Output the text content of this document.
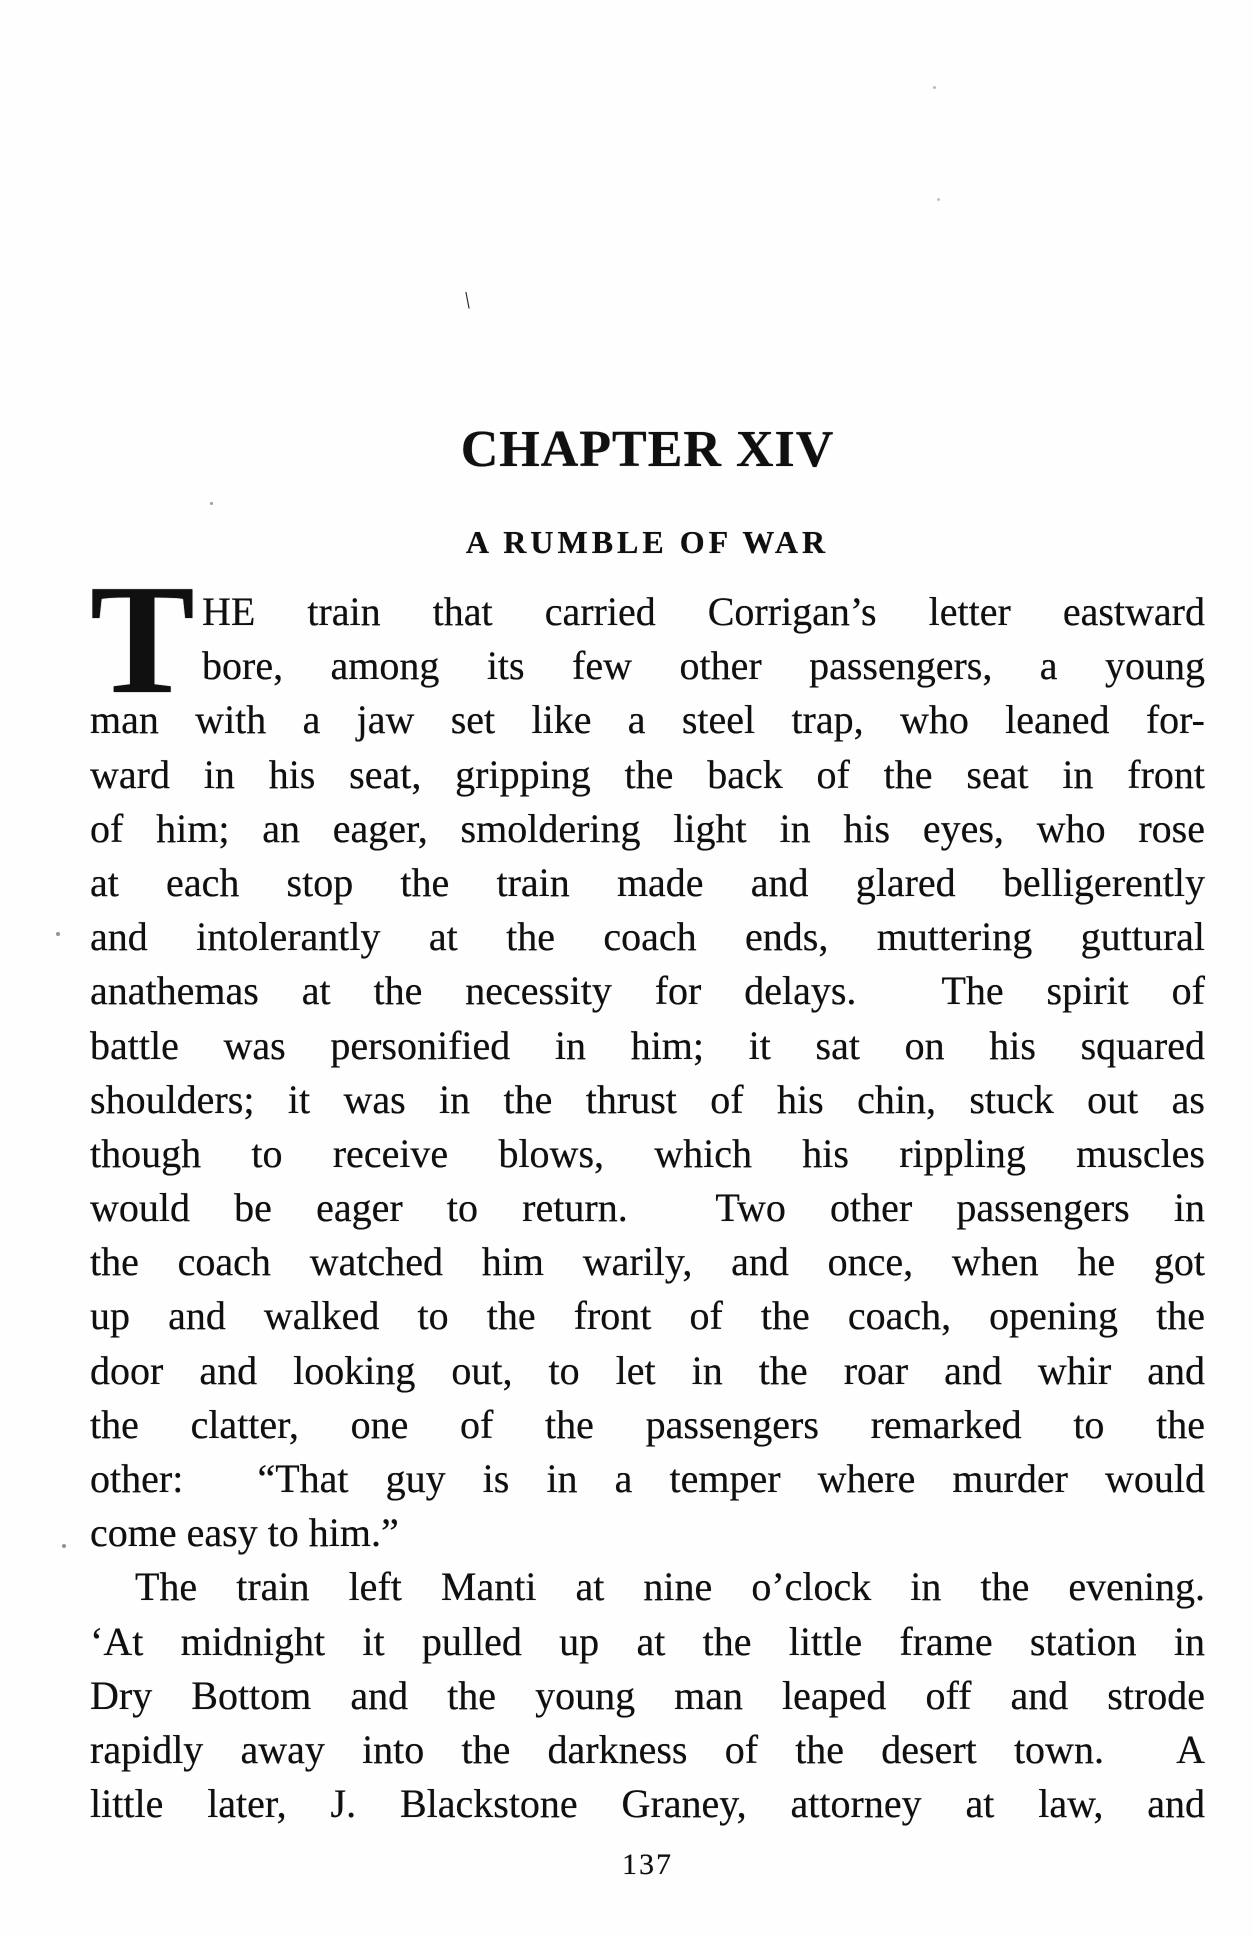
\
CHAPTER XIV
A RUMBLE OF WAR
T HE train that carried Corrigan’s letter eastward
bore, among its few other passengers, a young
man with a jaw set like a steel trap, who leaned for-
ward in his seat, gripping the back of the seat in front
of him; an eager, smoldering light in his eyes, who rose
at each stop the train made and glared belligerently
and intolerantly at the coach ends, muttering guttural
anathemas at the necessity for delays.  The spirit of
battle was personified in him; it sat on his squared
shoulders; it was in the thrust of his chin, stuck out as
though to receive blows, which his rippling muscles
would be eager to return.  Two other passengers in
the coach watched him warily, and once, when he got
up and walked to the front of the coach, opening the
door and looking out, to let in the roar and whir and
the clatter, one of the passengers remarked to the
other:  “That guy is in a temper where murder would
come easy to him.”
The train left Manti at nine o’clock in the evening.
‘At midnight it pulled up at the little frame station in
Dry Bottom and the young man leaped off and strode
rapidly away into the darkness of the desert town.  A
little later, J. Blackstone Graney, attorney at law, and
137
